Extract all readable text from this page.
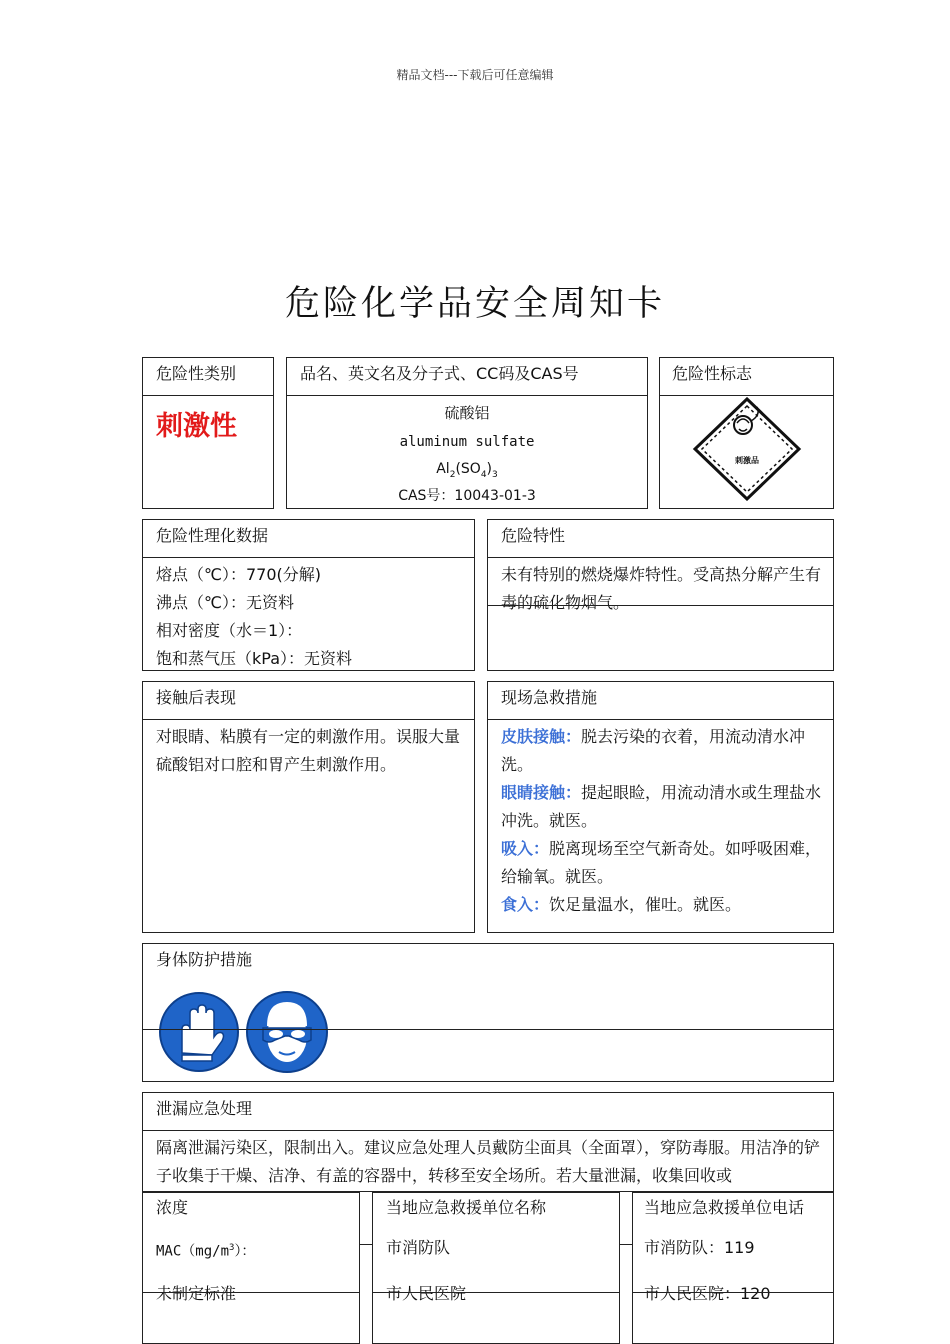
精品文档---下载后可任意编辑
危险化学品安全周知卡
危险性类别
刺激性
品名、英文名及分子式、CC码及CAS号
硫酸铝
aluminum sulfate
$Al_2(SO_4)_3$
CAS号：10043-01-3
危险性标志
刺激品
危险性理化数据
熔点（℃）：770(分解)
沸点（℃）：无资料
相对密度（水＝1）：
饱和蒸气压（kPa）：无资料
危险特性
未有特别的燃烧爆炸特性。受高热分解产生有毒的硫化物烟气。
接触后表现
对眼睛、粘膜有一定的刺激作用。误服大量硫酸铝对口腔和胃产生刺激作用。
现场急救措施
皮肤接触：脱去污染的衣着，用流动清水冲洗。
眼睛接触：提起眼睑，用流动清水或生理盐水冲洗。就医。
吸入：脱离现场至空气新奇处。如呼吸困难，给输氧。就医。
食入：饮足量温水，催吐。就医。
身体防护措施
泄漏应急处理
隔离泄漏污染区，限制出入。建议应急处理人员戴防尘面具（全面罩），穿防毒服。用洁净的铲子收集于干燥、洁净、有盖的容器中，转移至安全场所。若大量泄漏，收集回收或
浓度
$MAC(mg/m^3)$：
未制定标准
当地应急救援单位名称
市消防队
市人民医院
当地应急救援单位电话
市消防队：119
市人民医院：120
